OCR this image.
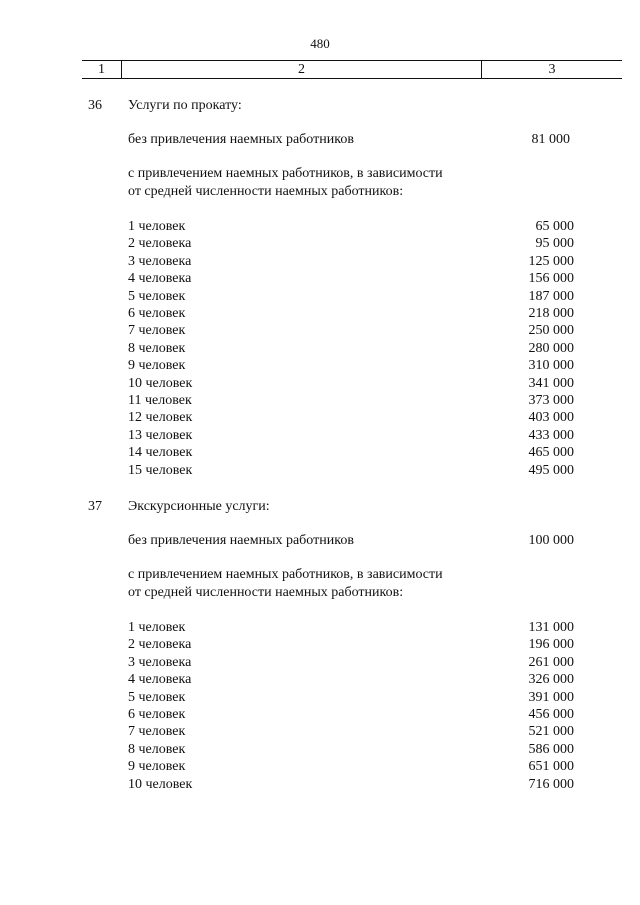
480
1	2	3
36 Услуги по прокату:
без привлечения наемных работников	81 000
с привлечением наемных работников, в зависимости
от средней численности наемных работников:
1 человек	65 000
2 человека	95 000
3 человека	125 000
4 человека	156 000
5 человек	187 000
6 человек	218 000
7 человек	250 000
8 человек	280 000
9 человек	310 000
10 человек	341 000
11 человек	373 000
12 человек	403 000
13 человек	433 000
14 человек	465 000
15 человек	495 000
37 Экскурсионные услуги:
без привлечения наемных работников	100 000
с привлечением наемных работников, в зависимости
от средней численности наемных работников:
1 человек	131 000
2 человека	196 000
3 человека	261 000
4 человека	326 000
5 человек	391 000
6 человек	456 000
7 человек	521 000
8 человек	586 000
9 человек	651 000
10 человек	716 000
